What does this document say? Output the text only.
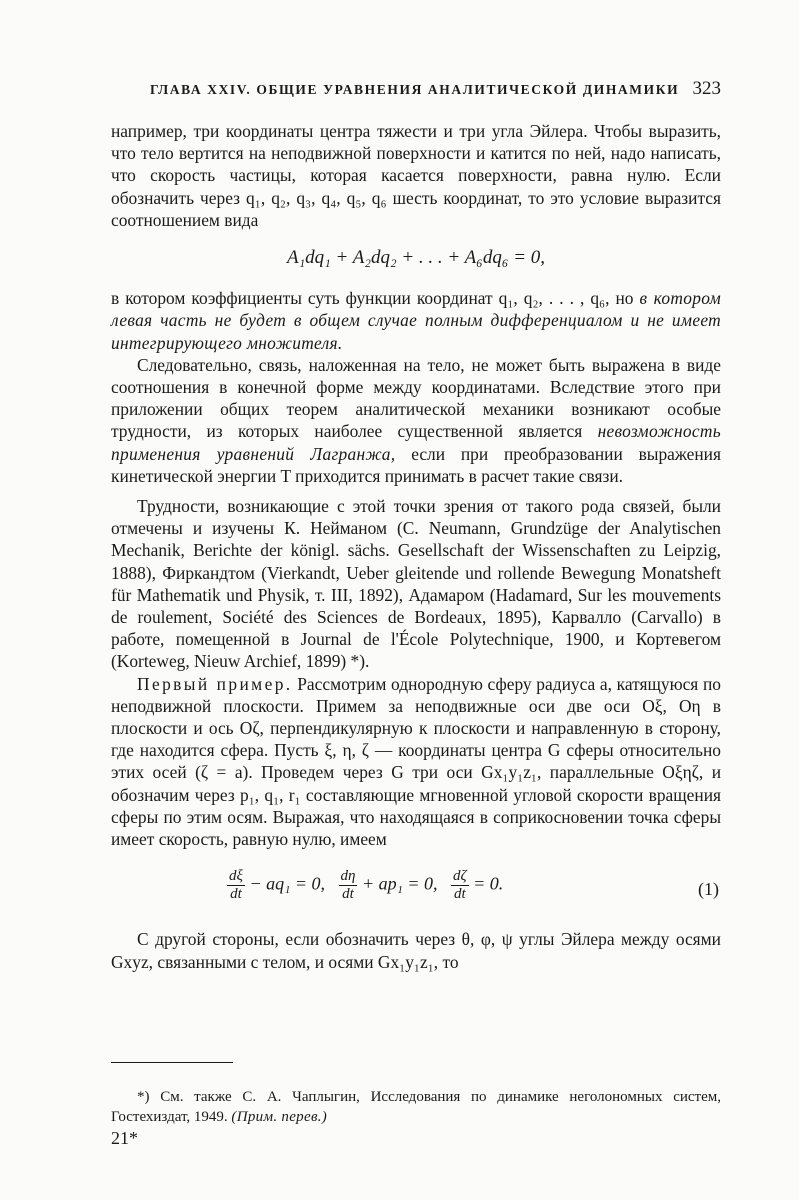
ГЛАВА XXIV. ОБЩИЕ УРАВНЕНИЯ АНАЛИТИЧЕСКОЙ ДИНАМИКИ 323

например, три координаты центра тяжести и три угла Эйлера. Чтобы выразить, что тело вертится на неподвижной поверхности и катится по ней, надо написать, что скорость частицы, которая касается поверхности, равна нулю. Если обозначить через q₁, q₂, q₃, q₄, q₅, q₆ шесть координат, то это условие выразится соотношением вида

A₁dq₁ + A₂dq₂ + . . . + A₆dq₆ = 0,

в котором коэффициенты суть функции координат q₁, q₂, . . . , q₆, но в котором левая часть не будет в общем случае полным дифференциалом и не имеет интегрирующего множителя.

Следовательно, связь, наложенная на тело, не может быть выражена в виде соотношения в конечной форме между координатами. Вследствие этого при приложении общих теорем аналитической механики возникают особые трудности, из которых наиболее существенной является невозможность применения уравнений Лагранжа, если при преобразовании выражения кинетической энергии T приходится принимать в расчет такие связи.

Трудности, возникающие с этой точки зрения от такого рода связей, были отмечены и изучены К. Нейманом (C. Neumann, Grundzüge der Analytischen Mechanik, Berichte der königl. sächs. Gesellschaft der Wissenschaften zu Leipzig, 1888), Фиркандтом (Vierkandt, Ueber gleitende und rollende Bewegung Monatsheft für Mathematik und Physik, т. III, 1892), Адамаром (Hadamard, Sur les mouvements de roulement, Société des Sciences de Bordeaux, 1895), Карвалло (Carvallo) в работе, помещенной в Journal de l'École Polytechnique, 1900, и Кортевегом (Korteweg, Nieuw Archief, 1899) *).

Первый пример. Рассмотрим однородную сферу радиуса a, катящуюся по неподвижной плоскости. Примем за неподвижные оси две оси Oξ, Oη в плоскости и ось Oζ, перпендикулярную к плоскости и направленную в сторону, где находится сфера. Пусть ξ, η, ζ — координаты центра G сферы относительно этих осей (ζ = a). Проведем через G три оси Gx₁y₁z₁, параллельные Oξηζ, и обозначим через p₁, q₁, r₁ составляющие мгновенной угловой скорости вращения сферы по этим осям. Выражая, что находящаяся в соприкосновении точка сферы имеет скорость, равную нулю, имеем

$\frac{d\xi}{dt} - aq_1 = 0$, $\frac{d\eta}{dt} + ap_1 = 0$, $\frac{d\zeta}{dt} = 0$.	(1)

С другой стороны, если обозначить через θ, φ, ψ углы Эйлера между осями Gxyz, связанными с телом, и осями Gx₁y₁z₁, то

*) См. также С. А. Чаплыгин, Исследования по динамике неголономных систем, Гостехиздат, 1949. (Прим. перев.)

21*
